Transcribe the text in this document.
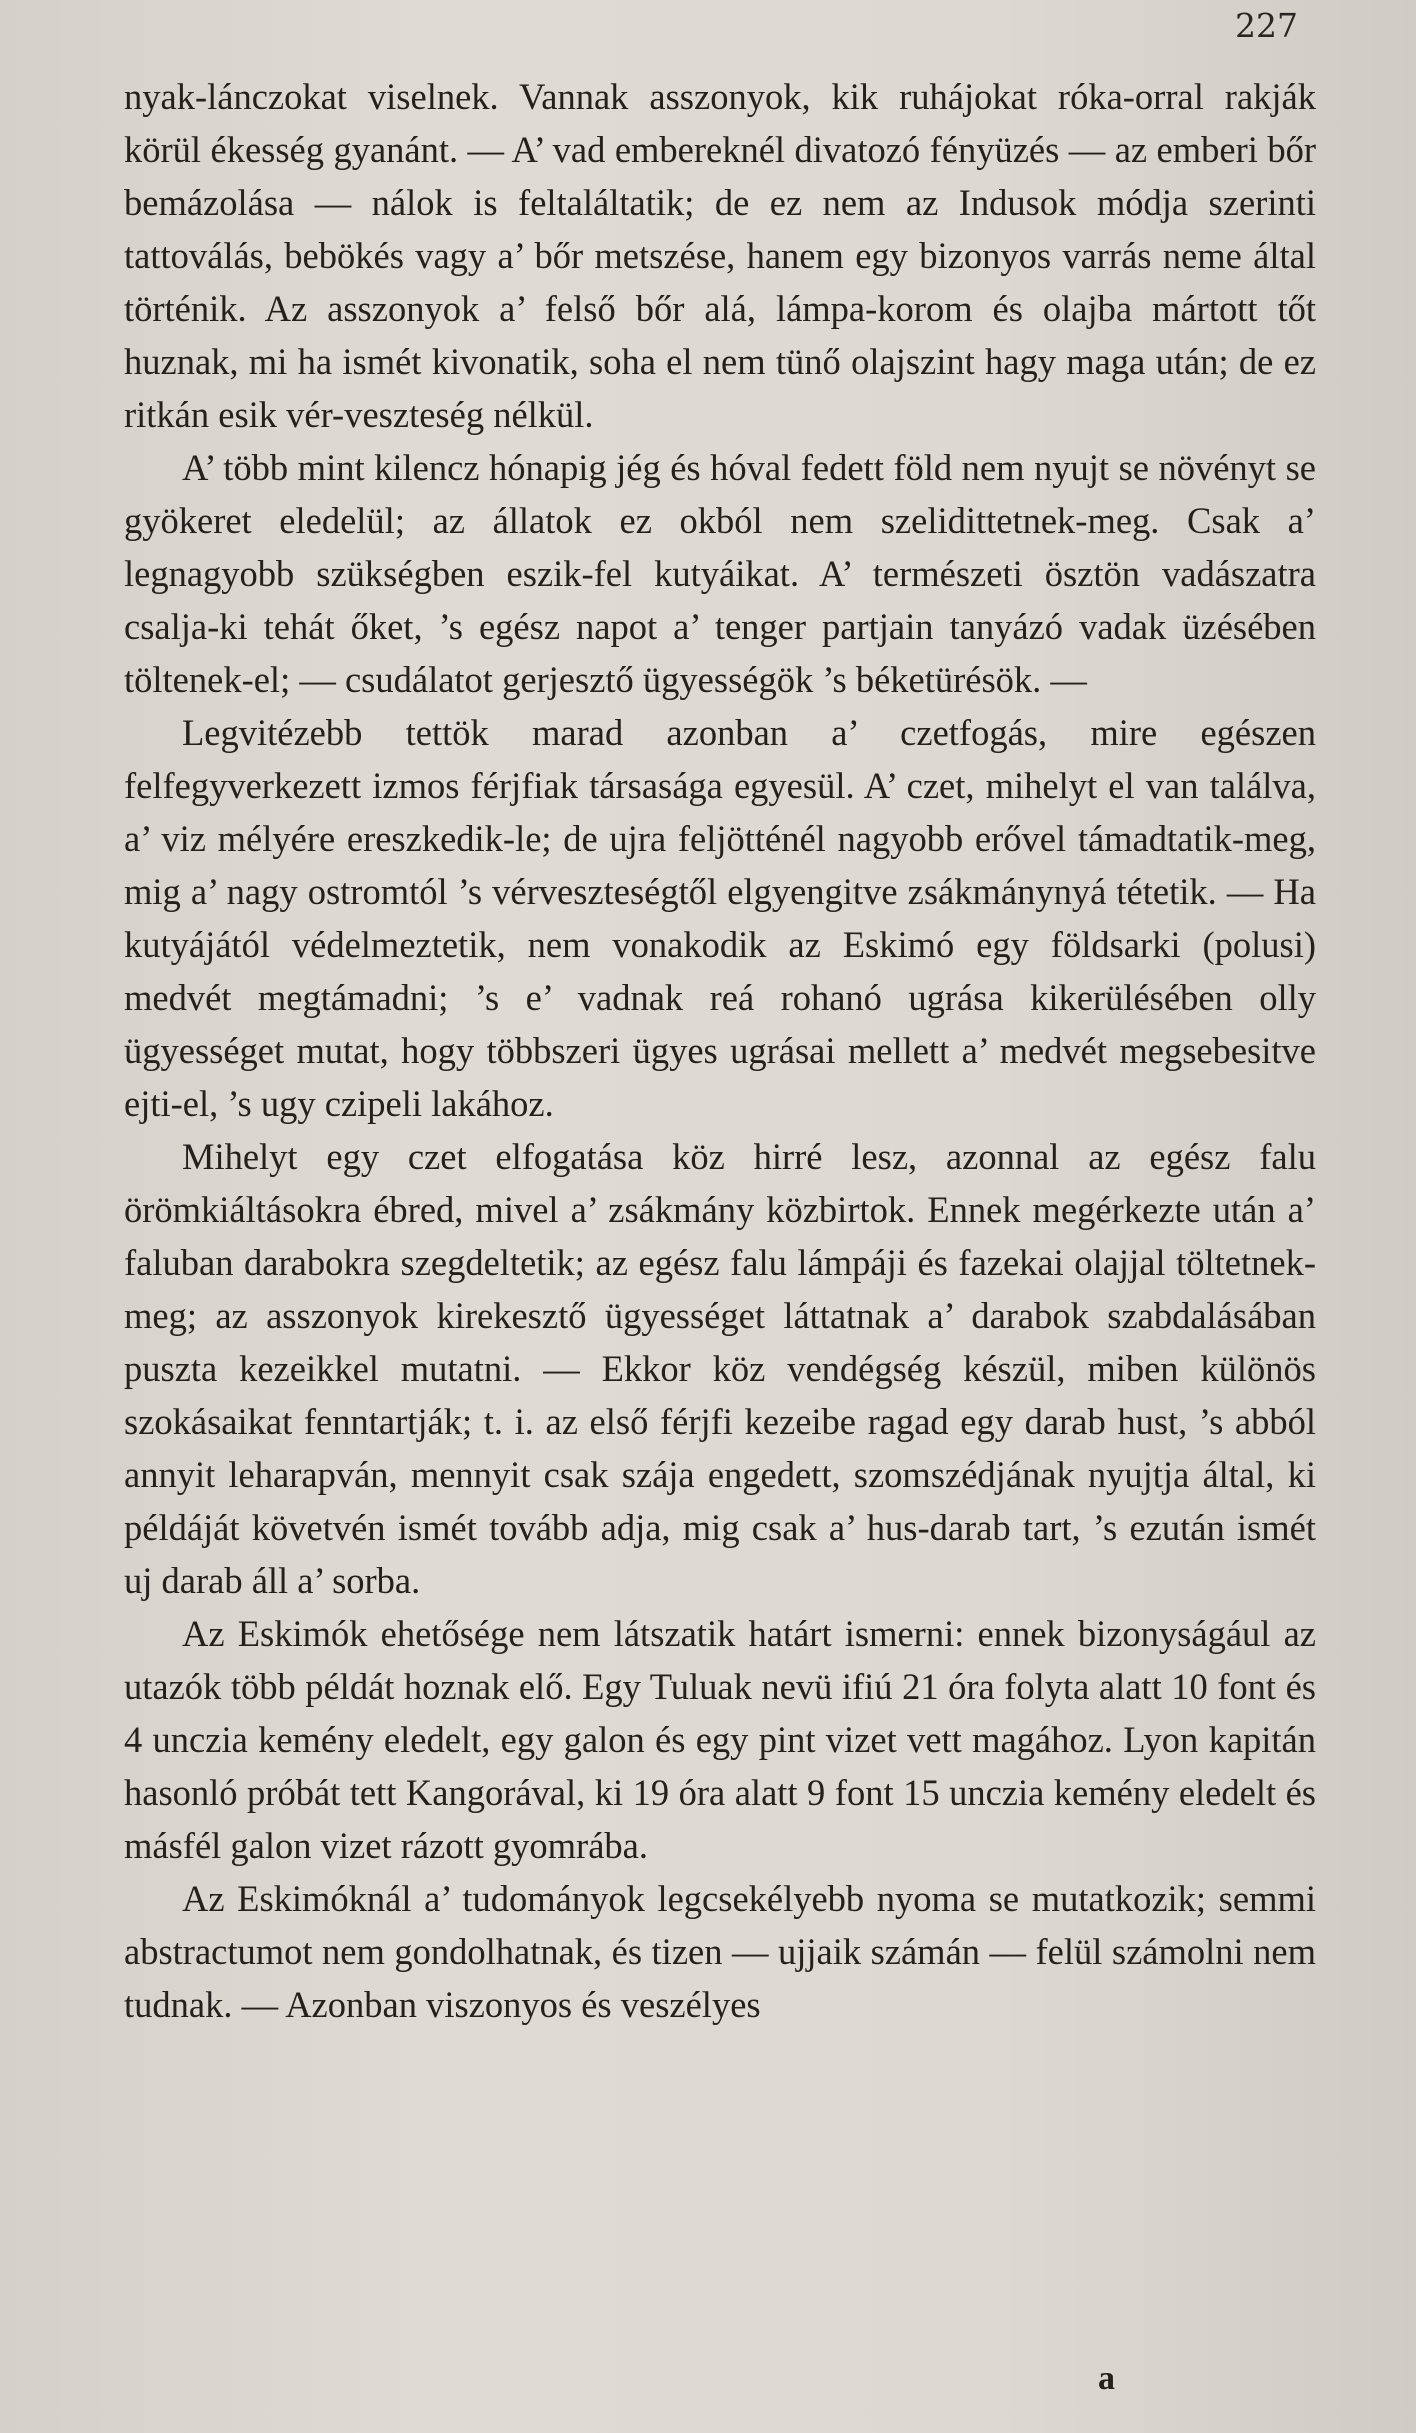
227

nyak-lánczokat viselnek. Vannak asszonyok, kik ruhájokat róka-orral rakják körül ékesség gyanánt. — A’ vad embereknél divatozó fényüzés — az emberi bőr bemázolása — nálok is feltaláltatik; de ez nem az Indusok módja szerinti tattoválás, bebökés vagy a’ bőr metszése, hanem egy bizonyos varrás neme által történik. Az asszonyok a’ felső bőr alá, lámpa-korom és olajba mártott tőt huznak, mi ha ismét kivonatik, soha el nem tünő olajszint hagy maga után; de ez ritkán esik vér-veszteség nélkül.

A’ több mint kilencz hónapig jég és hóval fedett föld nem nyujt se növényt se gyökeret eledelül; az állatok ez okból nem szelidittetnek-meg. Csak a’ legnagyobb szükségben eszik-fel kutyáikat. A’ természeti ösztön vadászatra csalja-ki tehát őket, ’s egész napot a’ tenger partjain tanyázó vadak üzésében töltenek-el; — csudálatot gerjesztő ügyességök ’s béketürésök. —

Legvitézebb tettök marad azonban a’ czetfogás, mire egészen felfegyverkezett izmos férjfiak társasága egyesül. A’ czet, mihelyt el van találva, a’ viz mélyére ereszkedik-le; de ujra feljötténél nagyobb erővel támadtatik-meg, mig a’ nagy ostromtól ’s vérveszteségtől elgyengitve zsákmánynyá tétetik. — Ha kutyájától védelmeztetik, nem vonakodik az Eskimó egy földsarki (polusi) medvét megtámadni; ’s e’ vadnak reá rohanó ugrása kikerülésében olly ügyességet mutat, hogy többszeri ügyes ugrásai mellett a’ medvét megsebesitve ejti-el, ’s ugy czipeli lakához.

Mihelyt egy czet elfogatása köz hirré lesz, azonnal az egész falu örömkiáltásokra ébred, mivel a’ zsákmány közbirtok. Ennek megérkezte után a’ faluban darabokra szegdeltetik; az egész falu lámpáji és fazekai olajjal töltetnek-meg; az asszonyok kirekesztő ügyességet láttatnak a’ darabok szabdalásában puszta kezeikkel mutatni. — Ekkor köz vendégség készül, miben különös szokásaikat fenntartják; t. i. az első férjfi kezeibe ragad egy darab hust, ’s abból annyit leharapván, mennyit csak szája engedett, szomszédjának nyujtja által, ki példáját követvén ismét tovább adja, mig csak a’ hus-darab tart, ’s ezután ismét uj darab áll a’ sorba.

Az Eskimók ehetősége nem látszatik határt ismerni: ennek bizonyságául az utazók több példát hoznak elő. Egy Tuluak nevü ifiú 21 óra folyta alatt 10 font és 4 unczia kemény eledelt, egy galon és egy pint vizet vett magához. Lyon kapitán hasonló próbát tett Kangorával, ki 19 óra alatt 9 font 15 unczia kemény eledelt és másfél galon vizet rázott gyomrába.

Az Eskimóknál a’ tudományok legcsekélyebb nyoma se mutatkozik; semmi abstractumot nem gondolhatnak, és tizen — ujjaik számán — felül számolni nem tudnak. — Azonban viszonyos és veszélyes

a
